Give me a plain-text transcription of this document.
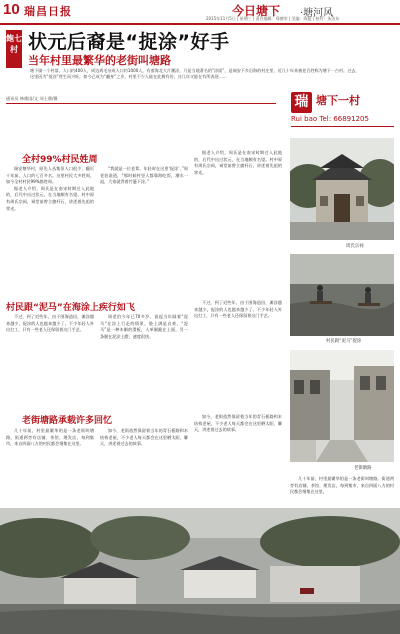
10 瑞昌日报	今日塘下 ·塘河风
2015年11月5日 | 星期三 | 责任编辑：郑德荣 | 美编：陈挺 | 校对：朱洁东
飽七村 状元后裔是“捉涂”好手
当年村里最繁华的老街叫塘路
塘下镇一个村落，人口约400人，周边鸡毛杂成人口约1000人，有着海北大片潮涂，乃是当地著名的“涂面”，是瑞安下乡沿海的村庄里，近几十年来被老百姓称为塘下一古村。过去，这里因为“捉涂”营生而兴旺，如今已成为“翻身”之乡，村里不少人能在此拥有份，这几年又能在有所表现……
通讯员 林维国/文 刘士鼎/摄	瑞 塘下一村
Rui bao Tel: 66891205
全村99%村民姓周

瑞安塘华村，原先人丛集但人口很少，翻页十年前，人口约七百多名。这里村民大多姓周，如今全村村民99%都姓周。

据老人介绍，周氏是在南宋时期迁入此地的，后代中出过状元，在当地颇有名望。村中原有周氏宗祠，祠堂前曾立旗杆石，讲述着先祖的荣光。

“我就是一位老辈，年轻时在这里‘捉涂’，”周老伯说道，“那时候村里人都靠海吃饭，潮水一退，大家就背着竹篓下涂。”

据老人介绍，周氏是在南宋时期迁入此地的，后代中出过状元，在当地颇有名望。村中原有周氏宗祠，祠堂前曾立旗杆石，讲述着先祖的荣光。

村民跟“泥马”在海涂上疾行如飞

不过，到了近些年，由于围海造田，滩涂越来越少，捉涂的人也越来越少了。不少年轻人外出打工，只有一些老人还保留着这门手艺。

周老伯今年已70多岁，说起当年踩着“泥马”在涂上行走的情景，脸上满是自豪。“泥马”是一种木制的滑板，人单腿跪在上面，另一条腿在泥涂上蹬，速度很快。

不过，到了近些年，由于围海造田，滩涂越来越少，捉涂的人也越来越少了。不少年轻人外出打工，只有一些老人还保留着这门手艺。

老街塘路承载许多回忆

几十年前，村里最繁华的是一条老街叫塘路。街道两旁有店铺、茶馆、理发店，每到集市，来自四面八方的村民都会聚集在这里。

如今，老街依然保留着当年的青石板路和木结构老屋，不少老人每天都会在这里晒太阳、聊天，讲述着过去的故事。

如今，老街依然保留着当年的青石板路和木结构老屋，不少老人每天都会在这里晒太阳、聊天，讲述着过去的故事。

周氏宗祠
村民跟“泥马”捉涂
老街塘路

几十年前，村里最繁华的是一条老街叫塘路。街道两旁有店铺、茶馆、理发店，每到集市，来自四面八方的村民都会聚集在这里。
